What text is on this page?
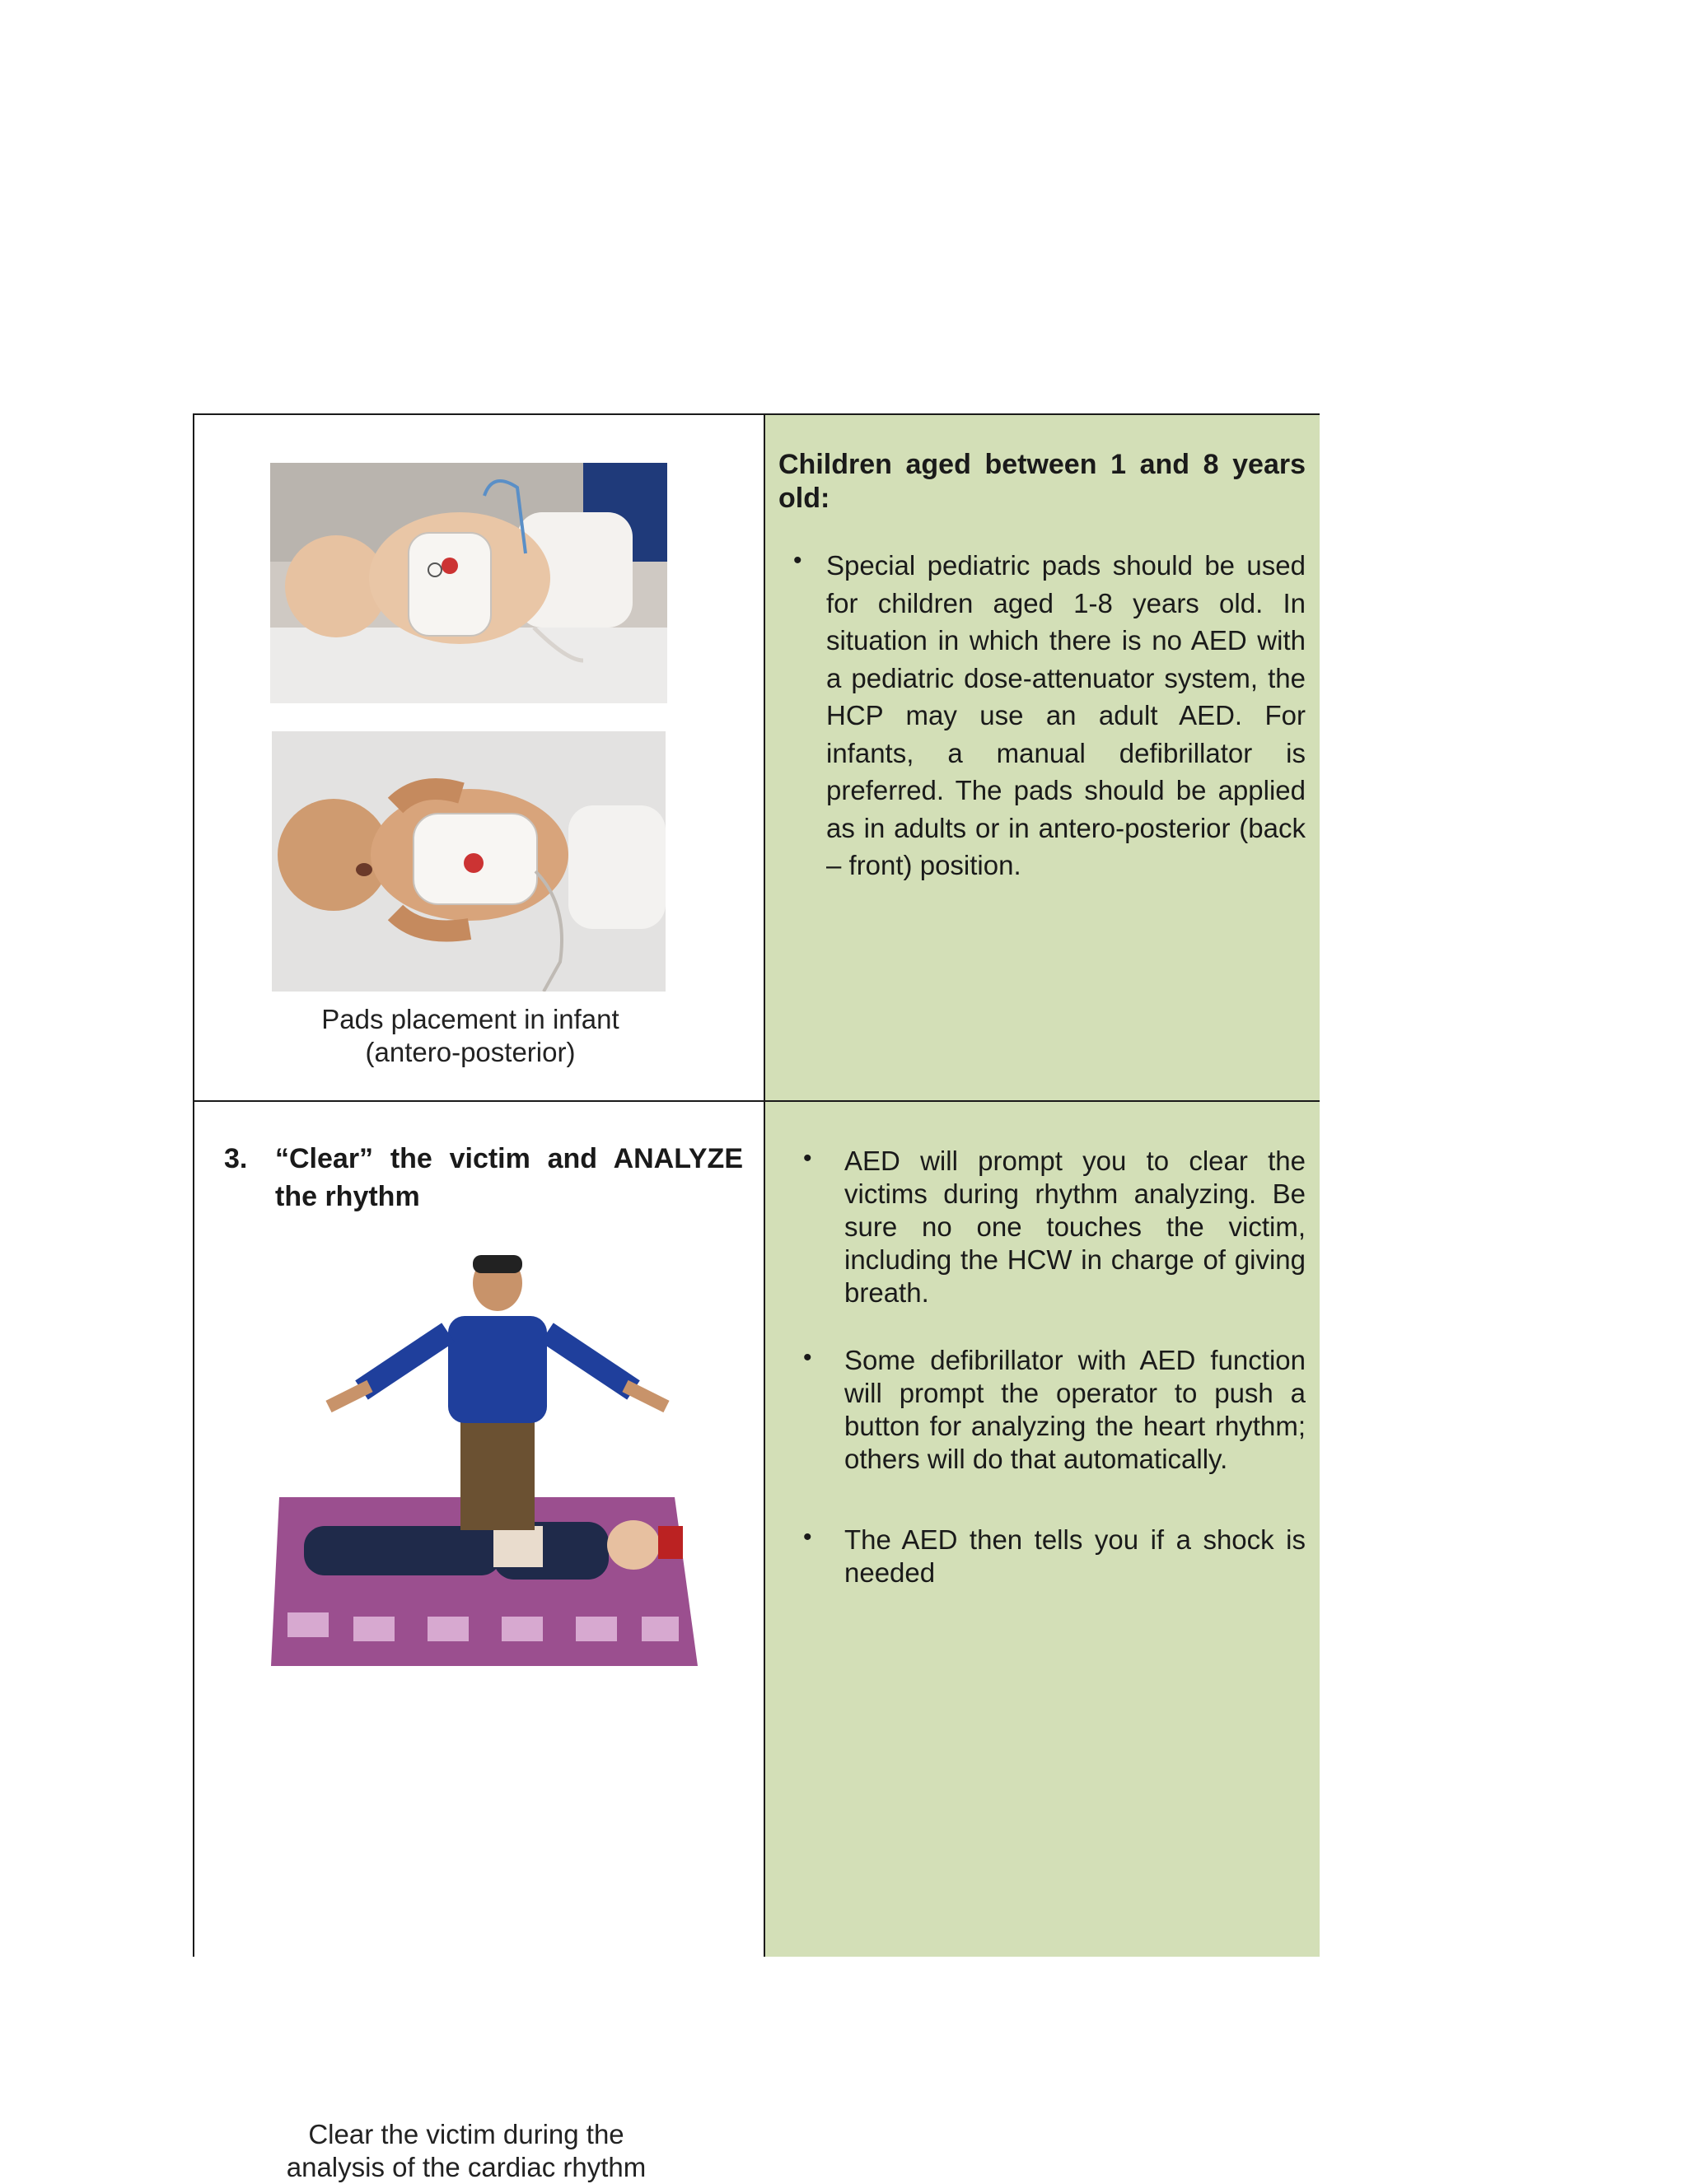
Pads placement in infant
(antero-posterior)
Children aged between 1 and 8 years old:
• Special pediatric pads should be used for children aged 1-8 years old. In situation in which there is no AED with a pediatric dose-attenuator system, the HCP may use an adult AED. For infants, a manual defibrillator is preferred. The pads should be applied as in adults or in antero-posterior (back – front) position.
Clear the victim during the
analysis of the cardiac rhythm
3. “Clear” the victim and ANALYZE the rhythm
• AED will prompt you to clear the victims during rhythm analyzing. Be sure no one touches the victim, including the HCW in charge of giving breath.
• Some defibrillator with AED function will prompt the operator to push a button for analyzing the heart rhythm; others will do that automatically.
• The AED then tells you if a shock is needed
